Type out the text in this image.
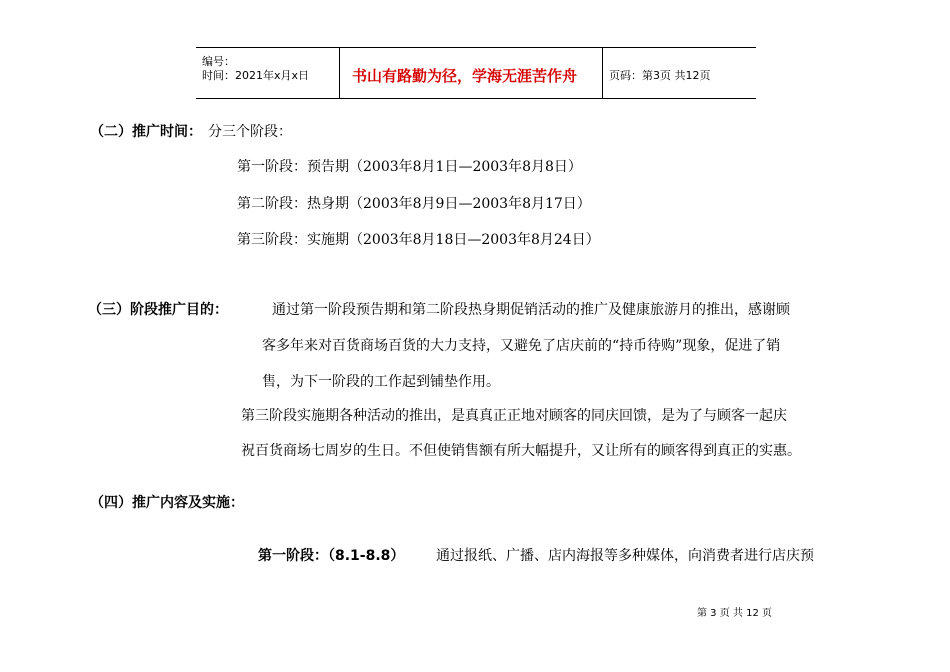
编号：
时间：2021年x月x日	书山有路勤为径，学海无涯苦作舟	页码：第3页 共12页
（二）推广时间： 分三个阶段：
第一阶段：预告期（2003年8月1日—2003年8月8日）
第二阶段：热身期（2003年8月9日—2003年8月17日）
第三阶段：实施期（2003年8月18日—2003年8月24日）
（三）阶段推广目的：	通过第一阶段预告期和第二阶段热身期促销活动的推广及健康旅游月的推出，感谢顾
客多年来对百货商场百货的大力支持，又避免了店庆前的“持币待购”现象，促进了销
售，为下一阶段的工作起到铺垫作用。
第三阶段实施期各种活动的推出，是真真正正地对顾客的同庆回馈，是为了与顾客一起庆
祝百货商场七周岁的生日。不但使销售额有所大幅提升，又让所有的顾客得到真正的实惠。
（四）推广内容及实施：
第一阶段：（8.1-8.8） 通过报纸、广播、店内海报等多种媒体，向消费者进行店庆预
第 3 页 共 12 页
